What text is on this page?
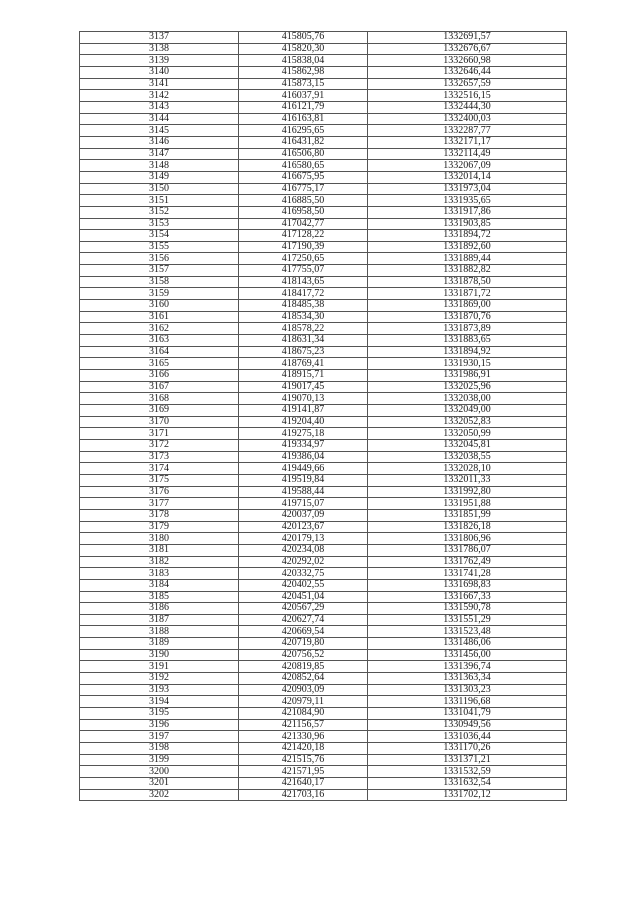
3137	415805,76	1332691,57
3138	415820,30	1332676,67
3139	415838,04	1332660,98
3140	415862,98	1332646,44
3141	415873,15	1332657,59
3142	416037,91	1332516,15
3143	416121,79	1332444,30
3144	416163,81	1332400,03
3145	416295,65	1332287,77
3146	416431,82	1332171,17
3147	416506,80	1332114,49
3148	416580,65	1332067,09
3149	416675,95	1332014,14
3150	416775,17	1331973,04
3151	416885,50	1331935,65
3152	416958,50	1331917,86
3153	417042,77	1331903,85
3154	417128,22	1331894,72
3155	417190,39	1331892,60
3156	417250,65	1331889,44
3157	417755,07	1331882,82
3158	418143,65	1331878,50
3159	418417,72	1331871,72
3160	418485,38	1331869,00
3161	418534,30	1331870,76
3162	418578,22	1331873,89
3163	418631,34	1331883,65
3164	418675,23	1331894,92
3165	418769,41	1331930,15
3166	418915,71	1331986,91
3167	419017,45	1332025,96
3168	419070,13	1332038,00
3169	419141,87	1332049,00
3170	419204,40	1332052,83
3171	419275,18	1332050,99
3172	419334,97	1332045,81
3173	419386,04	1332038,55
3174	419449,66	1332028,10
3175	419519,84	1332011,33
3176	419588,44	1331992,80
3177	419715,07	1331951,88
3178	420037,09	1331851,99
3179	420123,67	1331826,18
3180	420179,13	1331806,96
3181	420234,08	1331786,07
3182	420292,02	1331762,49
3183	420332,75	1331741,28
3184	420402,55	1331698,83
3185	420451,04	1331667,33
3186	420567,29	1331590,78
3187	420627,74	1331551,29
3188	420669,54	1331523,48
3189	420719,80	1331486,06
3190	420756,52	1331456,00
3191	420819,85	1331396,74
3192	420852,64	1331363,34
3193	420903,09	1331303,23
3194	420979,11	1331196,68
3195	421084,90	1331041,79
3196	421156,57	1330949,56
3197	421330,96	1331036,44
3198	421420,18	1331170,26
3199	421515,76	1331371,21
3200	421571,95	1331532,59
3201	421640,17	1331632,54
3202	421703,16	1331702,12
